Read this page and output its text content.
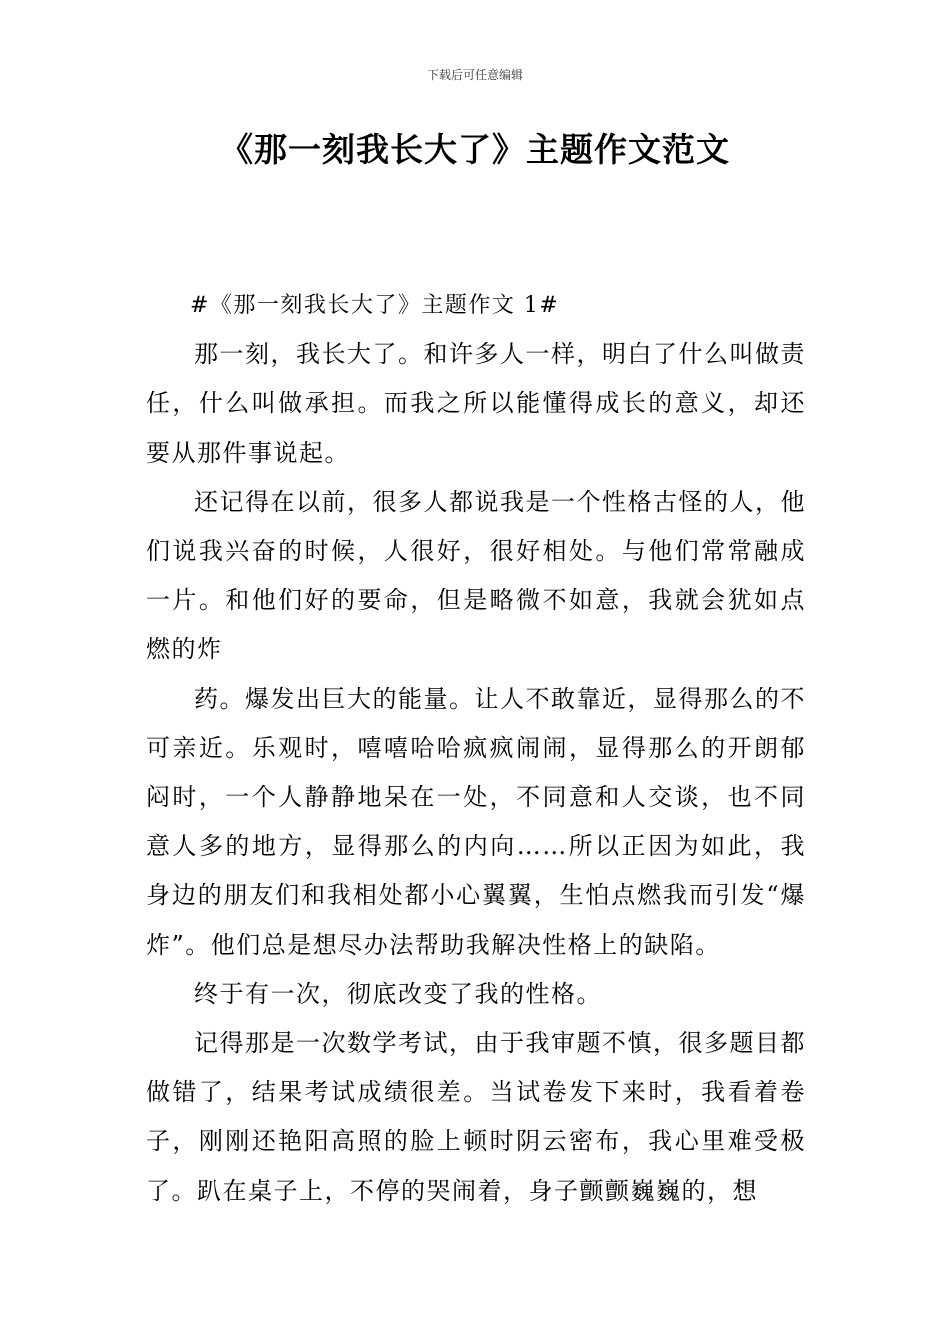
下载后可任意编辑
《那一刻我长大了》主题作文范文

#《那一刻我长大了》主题作文 1#

那一刻，我长大了。和许多人一样，明白了什么叫做责任，什么叫做承担。而我之所以能懂得成长的意义，却还要从那件事说起。

还记得在以前，很多人都说我是一个性格古怪的人，他们说我兴奋的时候，人很好，很好相处。与他们常常融成一片。和他们好的要命，但是略微不如意，我就会犹如点燃的炸

药。爆发出巨大的能量。让人不敢靠近，显得那么的不可亲近。乐观时，嘻嘻哈哈疯疯闹闹，显得那么的开朗郁闷时，一个人静静地呆在一处，不同意和人交谈，也不同意人多的地方，显得那么的内向……所以正因为如此，我身边的朋友们和我相处都小心翼翼，生怕点燃我而引发“爆炸”。他们总是想尽办法帮助我解决性格上的缺陷。

终于有一次，彻底改变了我的性格。

记得那是一次数学考试，由于我审题不慎，很多题目都做错了，结果考试成绩很差。当试卷发下来时，我看着卷子，刚刚还艳阳高照的脸上顿时阴云密布，我心里难受极了。趴在桌子上，不停的哭闹着，身子颤颤巍巍的，想
